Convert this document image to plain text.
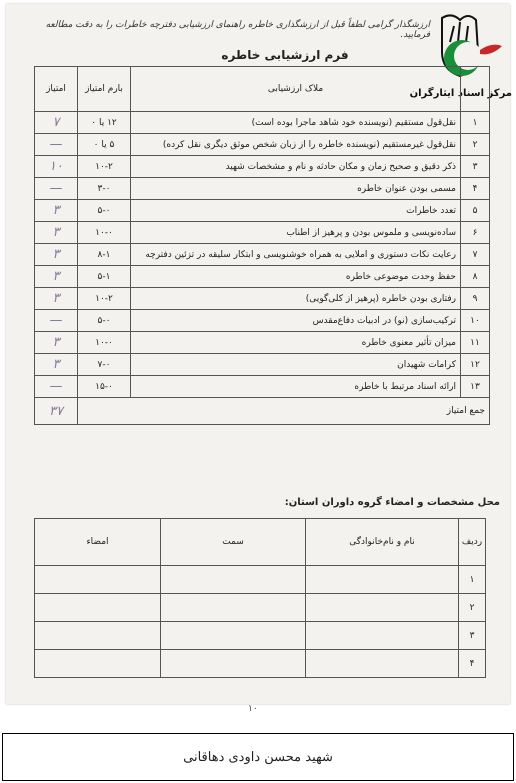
ارزشگذار گرامی لطفاً قبل از ارزشگذاری خاطره راهنمای ارزشیابی دفترچه خاطرات را به دقت مطالعه فرمایید.
فرم ارزشیابی خاطره
مرکز اسناد ایثارگران
	ملاک ارزشیابی	بارم امتیاز	امتیاز
۱	نقل‌قول مستقیم (نویسنده خود شاهد ماجرا بوده است)	۱۲ یا ۰	۷
۲	نقل‌قول غیرمستقیم (نویسنده خاطره را از زبان شخص موثق دیگری نقل کرده)	۵ یا ۰	—
۳	ذکر دقیق و صحیح زمان و مکان حادثه و نام و مشخصات شهید	۱۰-۲	۱۰
۴	مسمی بودن عنوان خاطره	۳-۰	—
۵	تعدد خاطرات	۵-۰	۳
۶	ساده‌نویسی و ملموس بودن و پرهیز از اطناب	۱۰-۰	۳
۷	رعایت نکات دستوری و املایی به همراه خوشنویسی و ابتکار سلیقه در تزئین دفترچه	۸-۱	۳
۸	حفظ وحدت موضوعی خاطره	۵-۱	۳
۹	رفتاری بودن خاطره (پرهیز از کلی‌گویی)	۱۰-۲	۳
۱۰	ترکیب‌سازی (نو) در ادبیات دفاع‌مقدس	۵-۰	—
۱۱	میزان تأثیر معنوی خاطره	۱۰-۰	۳
۱۲	کرامات شهیدان	۷-۰	۳
۱۳	ارائه اسناد مرتبط با خاطره	۱۵-۰	—
جمع امتیاز			۳۷
محل مشخصات و امضاء گروه داوران استان:
ردیف	نام و نام‌خانوادگی	سمت	امضاء
۱			
۲			
۳			
۴			
۱۰
شهید محسن داودی دهاقانی
